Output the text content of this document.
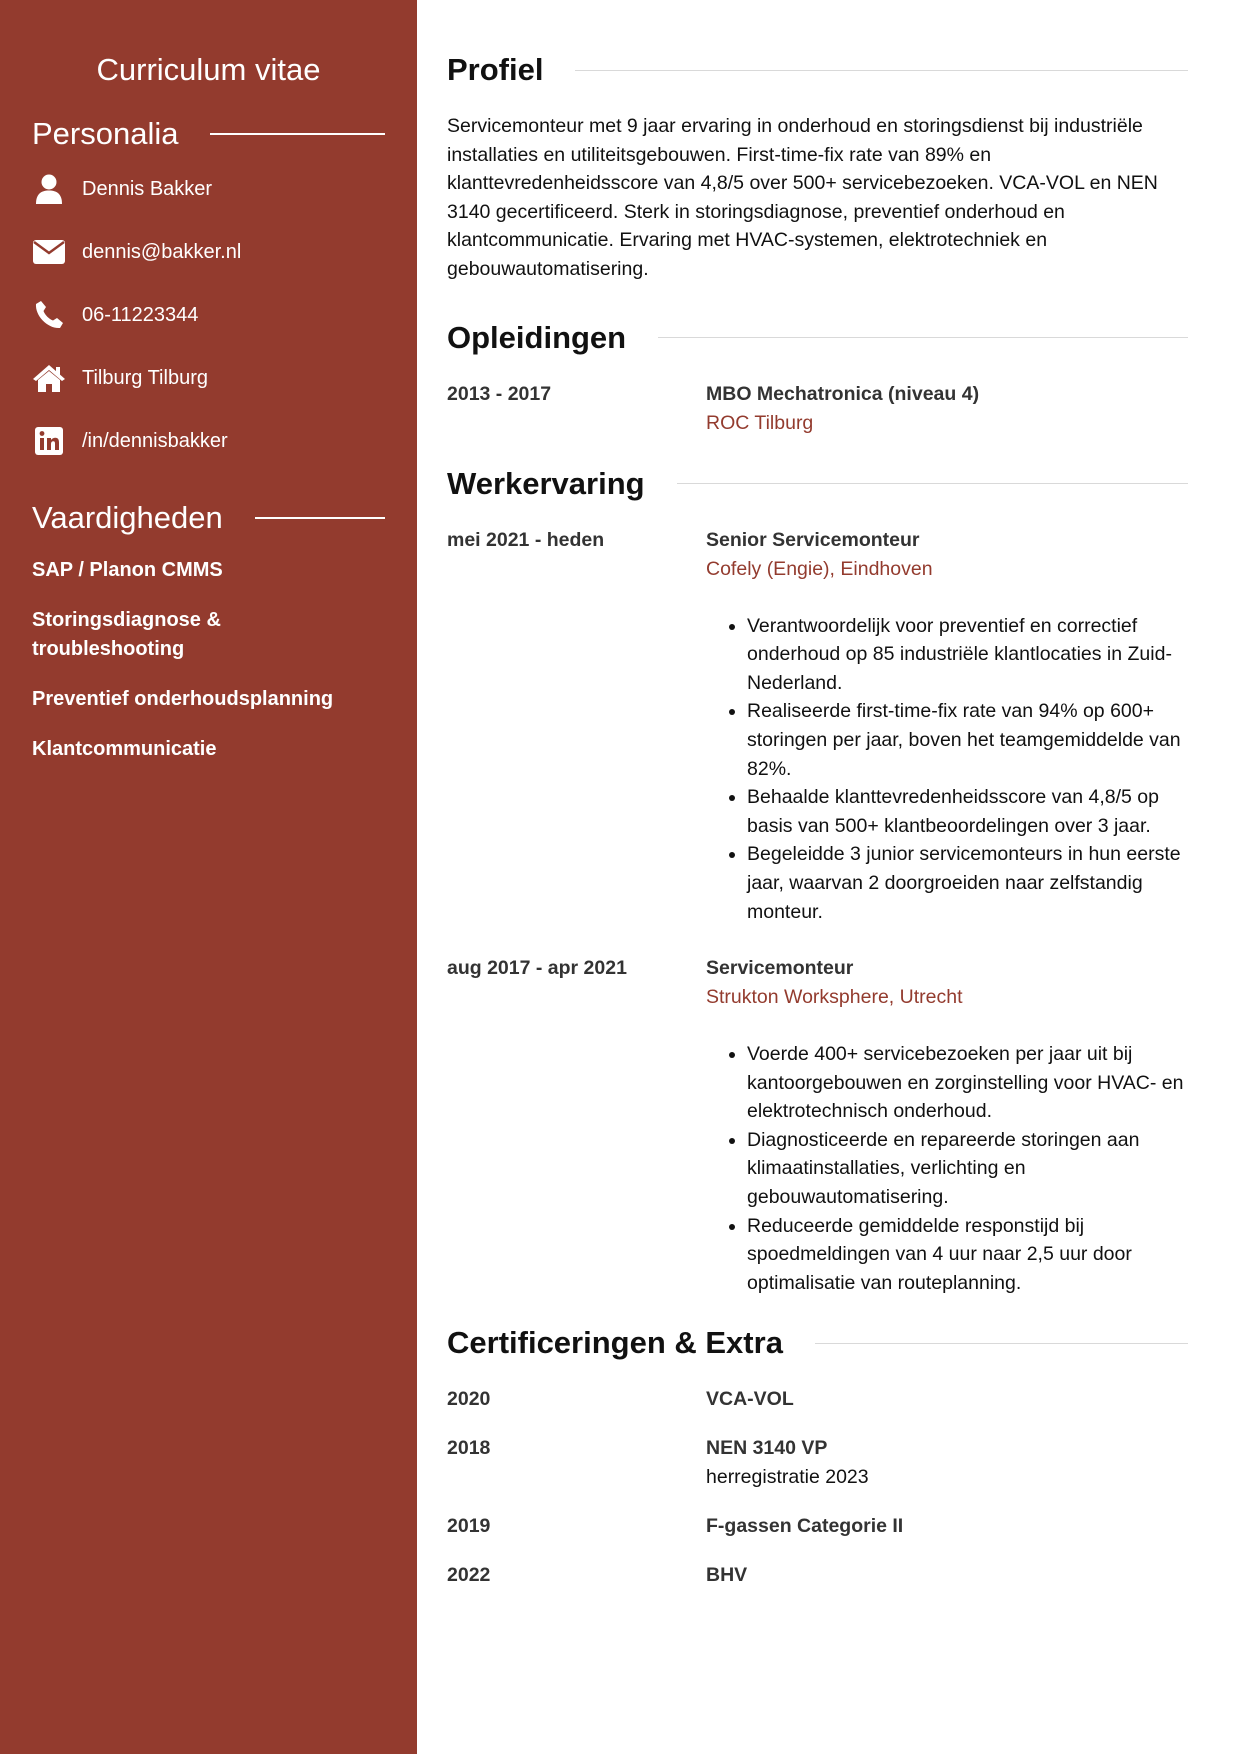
Curriculum vitae
Personalia
Dennis Bakker
dennis@bakker.nl
06-11223344
Tilburg Tilburg
/in/dennisbakker
Vaardigheden
SAP / Planon CMMS
Storingsdiagnose & troubleshooting
Preventief onderhoudsplanning
Klantcommunicatie
Profiel

Servicemonteur met 9 jaar ervaring in onderhoud en storingsdienst bij industriële installaties en utiliteitsgebouwen. First-time-fix rate van 89% en klanttevredenheidsscore van 4,8/5 over 500+ servicebezoeken. VCA-VOL en NEN 3140 gecertificeerd. Sterk in storingsdiagnose, preventief onderhoud en klantcommunicatie. Ervaring met HVAC-systemen, elektrotechniek en gebouwautomatisering.

Opleidingen
2013 - 2017	MBO Mechatronica (niveau 4)
ROC Tilburg
Werkervaring
mei 2021 - heden	Senior Servicemonteur
Cofely (Engie), Eindhoven
• Verantwoordelijk voor preventief en correctief onderhoud op 85 industriële klantlocaties in Zuid-Nederland.
• Realiseerde first-time-fix rate van 94% op 600+ storingen per jaar, boven het teamgemiddelde van 82%.
• Behaalde klanttevredenheidsscore van 4,8/5 op basis van 500+ klantbeoordelingen over 3 jaar.
• Begeleidde 3 junior servicemonteurs in hun eerste jaar, waarvan 2 doorgroeiden naar zelfstandig monteur.
aug 2017 - apr 2021	Servicemonteur
Strukton Worksphere, Utrecht
• Voerde 400+ servicebezoeken per jaar uit bij kantoorgebouwen en zorginstelling voor HVAC- en elektrotechnisch onderhoud.
• Diagnosticeerde en repareerde storingen aan klimaatinstallaties, verlichting en gebouwautomatisering.
• Reduceerde gemiddelde responstijd bij spoedmeldingen van 4 uur naar 2,5 uur door optimalisatie van routeplanning.
Certificeringen & Extra
2020	VCA-VOL
2018	NEN 3140 VP
herregistratie 2023
2019	F-gassen Categorie II
2022	BHV
